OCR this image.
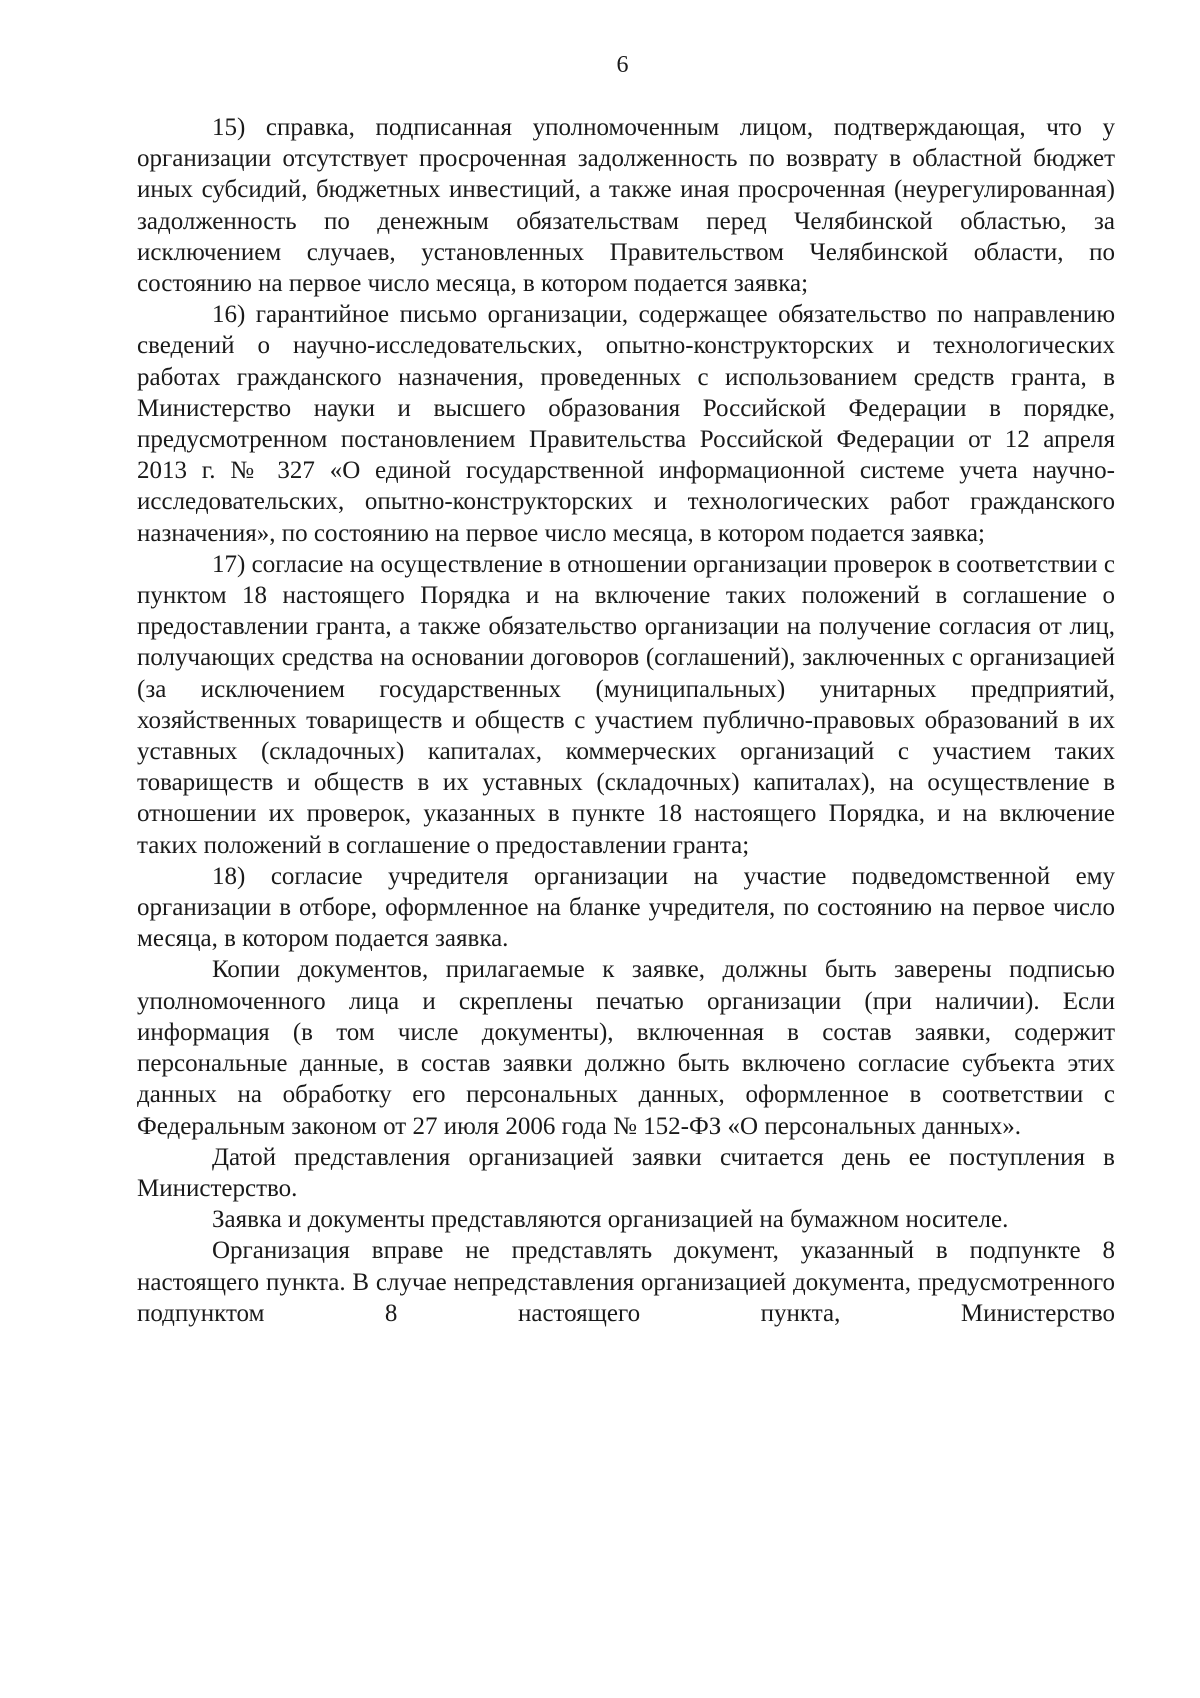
6

15) справка, подписанная уполномоченным лицом, подтверждающая, что у организации отсутствует просроченная задолженность по возврату в областной бюджет иных субсидий, бюджетных инвестиций, а также иная просроченная (неурегулированная) задолженность по денежным обязательствам перед Челябинской областью, за исключением случаев, установленных Правительством Челябинской области, по состоянию на первое число месяца, в котором подается заявка;

16) гарантийное письмо организации, содержащее обязательство по направлению сведений о научно-исследовательских, опытно-конструкторских и технологических работах гражданского назначения, проведенных с использованием средств гранта, в Министерство науки и высшего образования Российской Федерации в порядке, предусмотренном постановлением Правительства Российской Федерации от 12 апреля 2013 г. № 327 «О единой государственной информационной системе учета научно-исследовательских, опытно-конструкторских и технологических работ гражданского назначения», по состоянию на первое число месяца, в котором подается заявка;

17) согласие на осуществление в отношении организации проверок в соответствии с пунктом 18 настоящего Порядка и на включение таких положений в соглашение о предоставлении гранта, а также обязательство организации на получение согласия от лиц, получающих средства на основании договоров (соглашений), заключенных с организацией (за исключением государственных (муниципальных) унитарных предприятий, хозяйственных товариществ и обществ с участием публично-правовых образований в их уставных (складочных) капиталах, коммерческих организаций с участием таких товариществ и обществ в их уставных (складочных) капиталах), на осуществление в отношении их проверок, указанных в пункте 18 настоящего Порядка, и на включение таких положений в соглашение о предоставлении гранта;

18) согласие учредителя организации на участие подведомственной ему организации в отборе, оформленное на бланке учредителя, по состоянию на первое число месяца, в котором подается заявка.

Копии документов, прилагаемые к заявке, должны быть заверены подписью уполномоченного лица и скреплены печатью организации (при наличии). Если информация (в том числе документы), включенная в состав заявки, содержит персональные данные, в состав заявки должно быть включено согласие субъекта этих данных на обработку его персональных данных, оформленное в соответствии с Федеральным законом от 27 июля 2006 года № 152-ФЗ «О персональных данных».

Датой представления организацией заявки считается день ее поступления в Министерство.

Заявка и документы представляются организацией на бумажном носителе.

Организация вправе не представлять документ, указанный в подпункте 8 настоящего пункта. В случае непредставления организацией документа, предусмотренного подпунктом 8 настоящего пункта, Министерство
